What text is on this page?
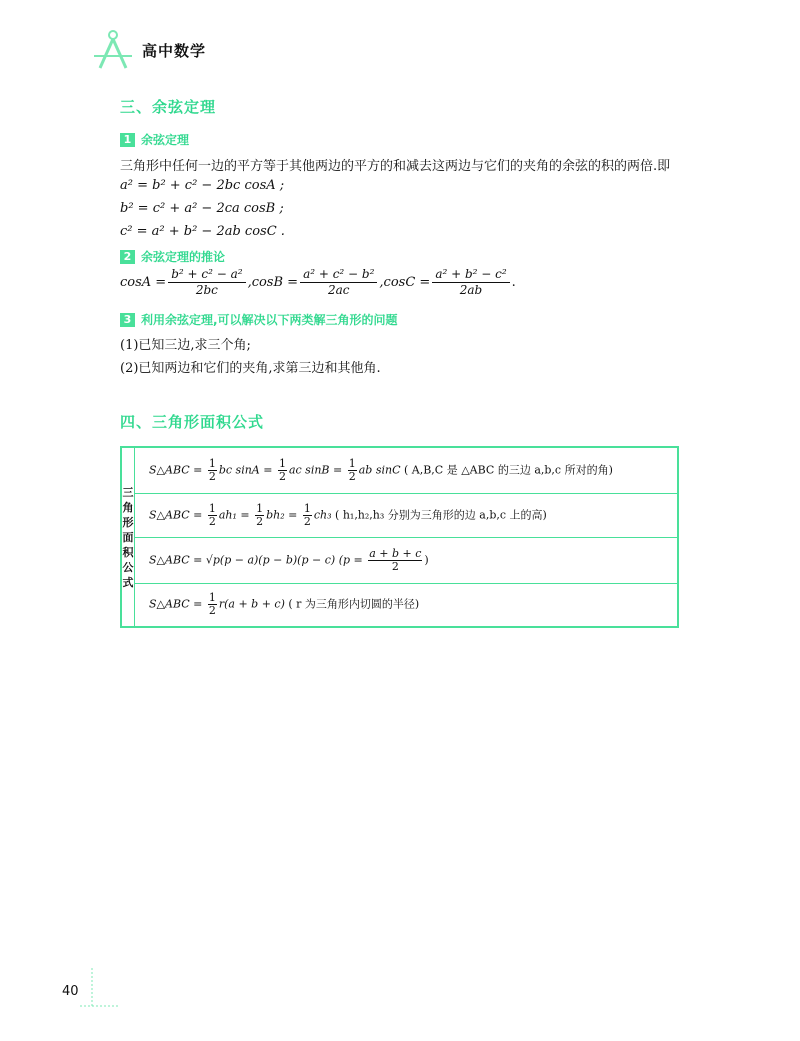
高中数学
三、余弦定理
1 余弦定理
三角形中任何一边的平方等于其他两边的平方的和减去这两边与它们的夹角的余弦的积的两倍.即
a² = b² + c² − 2bc cosA ;
b² = c² + a² − 2ca cosB ;
c² = a² + b² − 2ab cosC .
2 余弦定理的推论
$\cos A = \frac{\text{b² + c² − a²}}{2bc} ,\cos B = \frac{\text{a² + c² − b²}}{2ac} ,\cos C = \frac{\text{a² + b² − c²}}{2ab}$ .
3 利用余弦定理,可以解决以下两类解三角形的问题
(1)已知三边,求三个角;
(2)已知两边和它们的夹角,求第三边和其他角.
四、三角形面积公式
三角形面积公式	S△ABC = $\frac{1}{2}$ bc $\sin A = \frac{1}{2}$ ac $\sin B = \frac{1}{2}$ ab sinC ( A,B,C 是 △ABC 的三边 a,b,c 所对的角)
S△ABC = $\frac{1}{2} ah_1 = \frac{1}{2} bh_2 = \frac{1}{2} ch_3$ ( h₁,h₂,h₃ 分别为三角形的边 a,b,c 上的高)
S△ABC = √p(p − a)(p − b)(p − c) ($p = \frac{a + b + c}{2}$ )
S△ABC = $\frac{1}{2} r(a + b + c)$ ( r 为三角形内切圆的半径)
40
